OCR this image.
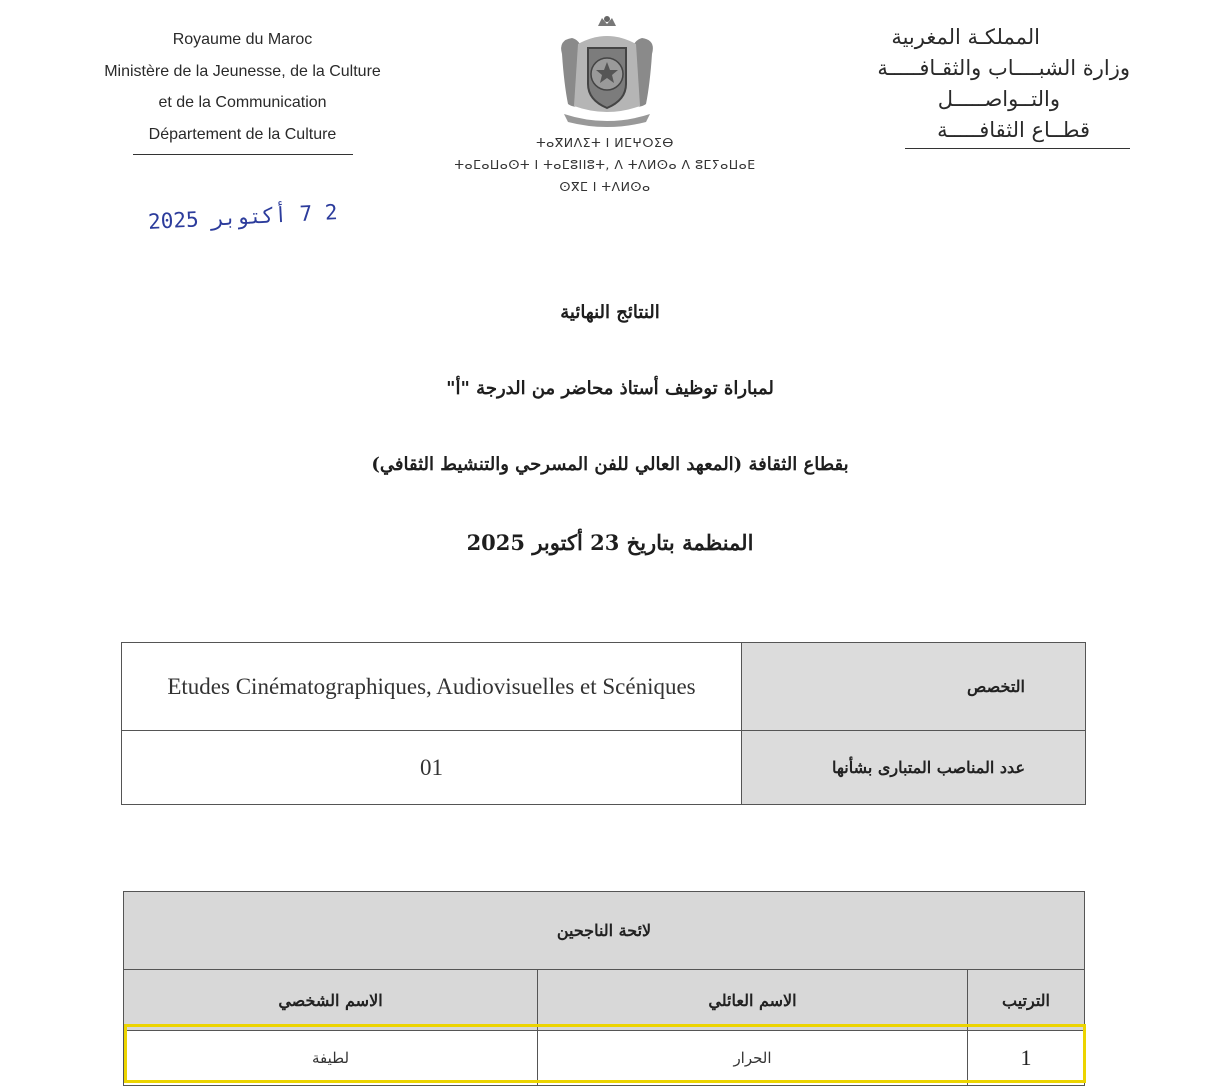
Royaume du Maroc
Ministère de la Jeunesse, de la Culture
et de la Communication
Département de la Culture	ⵜⴰⴳⵍⴷⵉⵜ ⵏ ⵍⵎⵖⵔⵉⴱ
ⵜⴰⵎⴰⵡⴰⵙⵜ ⵏ ⵜⴰⵎⵓⵏⵏⵓⵜ, ⴷ ⵜⴷⵍⵙⴰ ⴷ ⵓⵎⵢⴰⵡⴰⴹ
ⵙⴳⵎ ⵏ ⵜⴷⵍⵙⴰ
المملكـة المغربية
وزارة الشبــــاب والثقـافـــــة
والتــواصـــــل
قطــاع الثقافـــــة
2 7 أكتوبر 2025
النتائج النهائية
لمباراة توظيف أستاذ محاضر من الدرجة "أ"
بقطاع الثقافة (المعهد العالي للفن المسرحي والتنشيط الثقافي)
المنظمة بتاريخ 23 أكتوبر 2025
Etudes Cinématographiques, Audiovisuelles et Scéniques	التخصص
01	عدد المناصب المتبارى بشأنها
لائحة الناجحين		
الاسم الشخصي	الاسم العائلي	الترتيب
لطيفة	الحرار	1
